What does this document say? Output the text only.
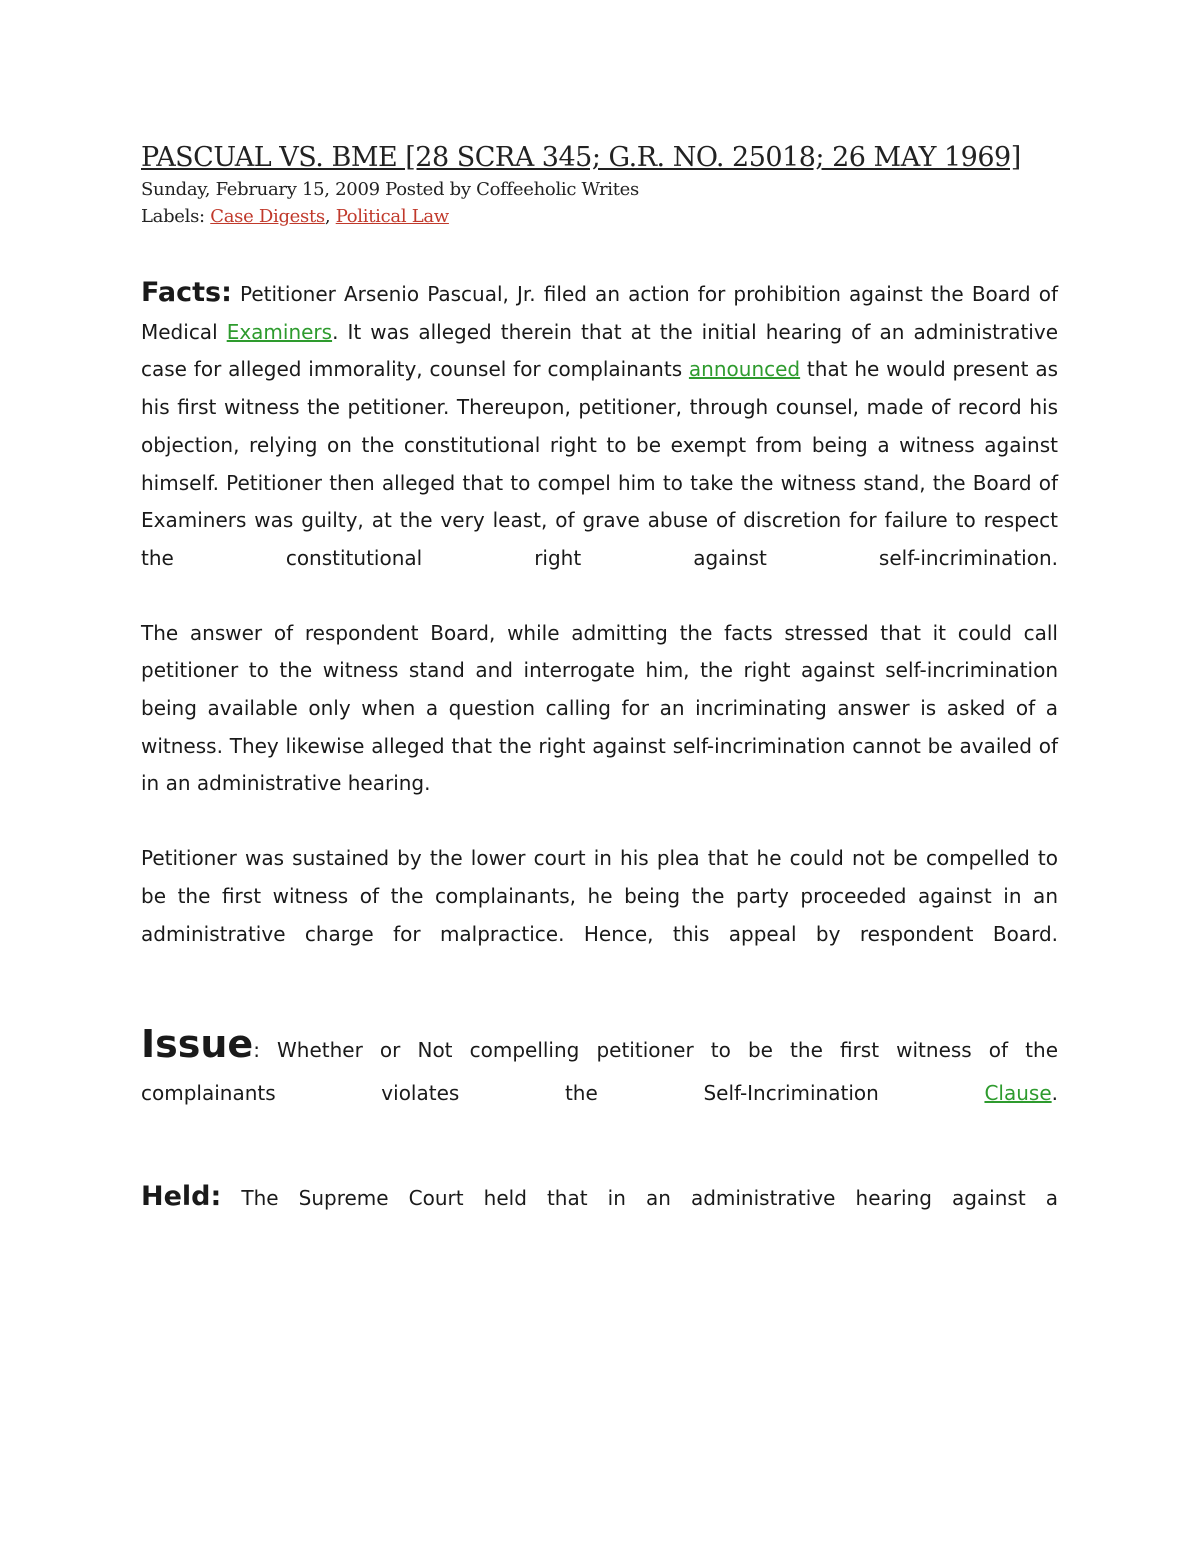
PASCUAL VS. BME [28 SCRA 345; G.R. NO. 25018; 26 MAY 1969]
Sunday, February 15, 2009 Posted by Coffeeholic Writes
Labels: Case Digests, Political Law

Facts: Petitioner Arsenio Pascual, Jr. filed an action for prohibition against the Board of Medical Examiners. It was alleged therein that at the initial hearing of an administrative case for alleged immorality, counsel for complainants announced that he would present as his first witness the petitioner. Thereupon, petitioner, through counsel, made of record his objection, relying on the constitutional right to be exempt from being a witness against himself. Petitioner then alleged that to compel him to take the witness stand, the Board of Examiners was guilty, at the very least, of grave abuse of discretion for failure to respect the constitutional right against self-incrimination.

The answer of respondent Board, while admitting the facts stressed that it could call petitioner to the witness stand and interrogate him, the right against self-incrimination being available only when a question calling for an incriminating answer is asked of a witness. They likewise alleged that the right against self-incrimination cannot be availed of in an administrative hearing.

Petitioner was sustained by the lower court in his plea that he could not be compelled to be the first witness of the complainants, he being the party proceeded against in an administrative charge for malpractice. Hence, this appeal by respondent Board.

Issue: Whether or Not compelling petitioner to be the first witness of the complainants violates the Self-Incrimination Clause.

Held: The Supreme Court held that in an administrative hearing against a
